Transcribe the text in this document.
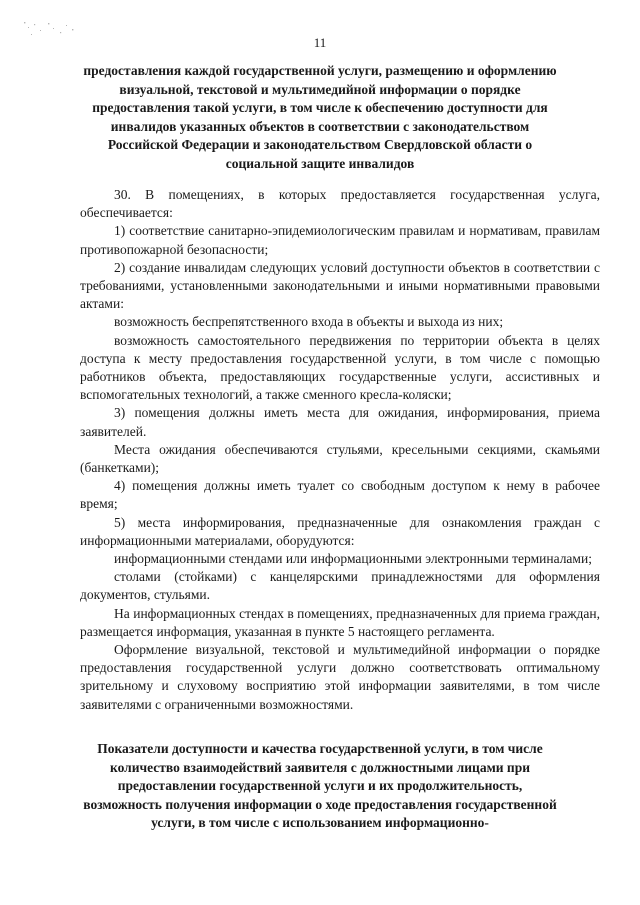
11
предоставления каждой государственной услуги, размещению и оформлению визуальной, текстовой и мультимедийной информации о порядке предоставления такой услуги, в том числе к обеспечению доступности для инвалидов указанных объектов в соответствии с законодательством Российской Федерации и законодательством Свердловской области о социальной защите инвалидов

30. В помещениях, в которых предоставляется государственная услуга, обеспечивается:

1) соответствие санитарно-эпидемиологическим правилам и нормативам, правилам противопожарной безопасности;

2) создание инвалидам следующих условий доступности объектов в соответствии с требованиями, установленными законодательными и иными нормативными правовыми актами:

возможность беспрепятственного входа в объекты и выхода из них;

возможность самостоятельного передвижения по территории объекта в целях доступа к месту предоставления государственной услуги, в том числе с помощью работников объекта, предоставляющих государственные услуги, ассистивных и вспомогательных технологий, а также сменного кресла-коляски;

3) помещения должны иметь места для ожидания, информирования, приема заявителей.

Места ожидания обеспечиваются стульями, кресельными секциями, скамьями (банкетками);

4) помещения должны иметь туалет со свободным доступом к нему в рабочее время;

5) места информирования, предназначенные для ознакомления граждан с информационными материалами, оборудуются:

информационными стендами или информационными электронными терминалами;

столами (стойками) с канцелярскими принадлежностями для оформления документов, стульями.

На информационных стендах в помещениях, предназначенных для приема граждан, размещается информация, указанная в пункте 5 настоящего регламента.

Оформление визуальной, текстовой и мультимедийной информации о порядке предоставления государственной услуги должно соответствовать оптимальному зрительному и слуховому восприятию этой информации заявителями, в том числе заявителями с ограниченными возможностями.

Показатели доступности и качества государственной услуги, в том числе количество взаимодействий заявителя с должностными лицами при предоставлении государственной услуги и их продолжительность, возможность получения информации о ходе предоставления государственной услуги, в том числе с использованием информационно-
